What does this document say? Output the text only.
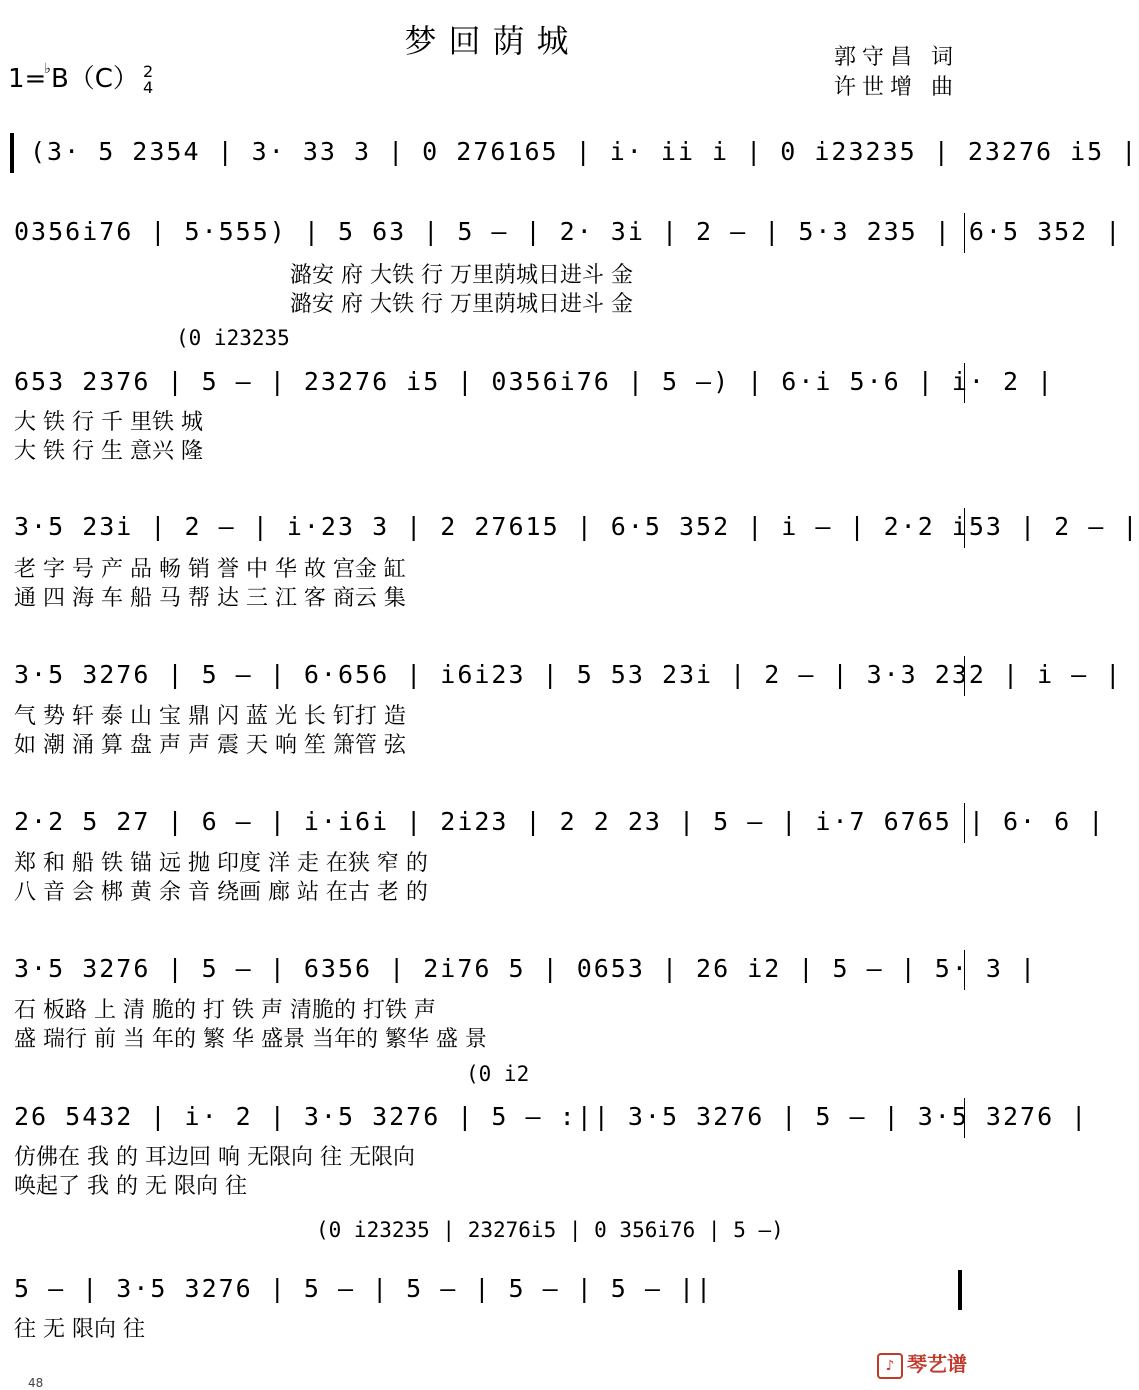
梦回荫城
1=♭B（C） 2
4
郭守昌 词
许世增 曲
(3· 5 2354 | 3· 33 3 | 0 276165 | i· ii i | 0 i23235 | 23276 i5 |
0356i76 | 5·555) | 5 63 | 5 — | 2· 3i | 2 — | 5·3 235 | 6·5 352 |
潞安 府 大铁 行 万里荫城日进斗 金
潞安 府 大铁 行 万里荫城日进斗 金
(0 i23235
653 2376 | 5 — | 23276 i5 | 0356i76 | 5 —) | 6·i 5·6 | i· 2 |
大 铁 行 千 里铁 城
大 铁 行 生 意兴 隆
3·5 23i | 2 — | i·23 3 | 2 27615 | 6·5 352 | i — | 2·2 i53 | 2 — |
老 字 号 产 品 畅 销 誉 中 华 故 宫金 缸
通 四 海 车 船 马 帮 达 三 江 客 商云 集
3·5 3276 | 5 — | 6·656 | i6i23 | 5 53 23i | 2 — | 3·3 232 | i — |
气 势 轩 泰 山 宝 鼎 闪 蓝 光 长 钉打 造
如 潮 涌 算 盘 声 声 震 天 响 笙 箫管 弦
2·2 5 27 | 6 — | i·i6i | 2i23 | 2 2 23 | 5 — | i·7 6765 | 6· 6 |
郑 和 船 铁 锚 远 抛 印度 洋 走 在狭 窄 的
八 音 会 梆 黄 余 音 绕画 廊 站 在古 老 的
3·5 3276 | 5 — | 6356 | 2i76 5 | 0653 | 26 i2 | 5 — | 5· 3 |
石 板路 上 清 脆的 打 铁 声 清脆的 打铁 声
盛 瑞行 前 当 年的 繁 华 盛景 当年的 繁华 盛 景
(0 i2
26 5432 | i· 2 | 3·5 3276 | 5 — :|| 3·5 3276 | 5 — | 3·5 3276 |
仿佛在 我 的 耳边回 响 无限向 往 无限向
唤起了 我 的 无 限向 往
(0 i23235 | 23276i5 | 0 356i76 | 5 —)
5 — | 3·5 3276 | 5 — | 5 — | 5 — | 5 — ||
往 无 限向 往
48
♪ 琴艺谱
